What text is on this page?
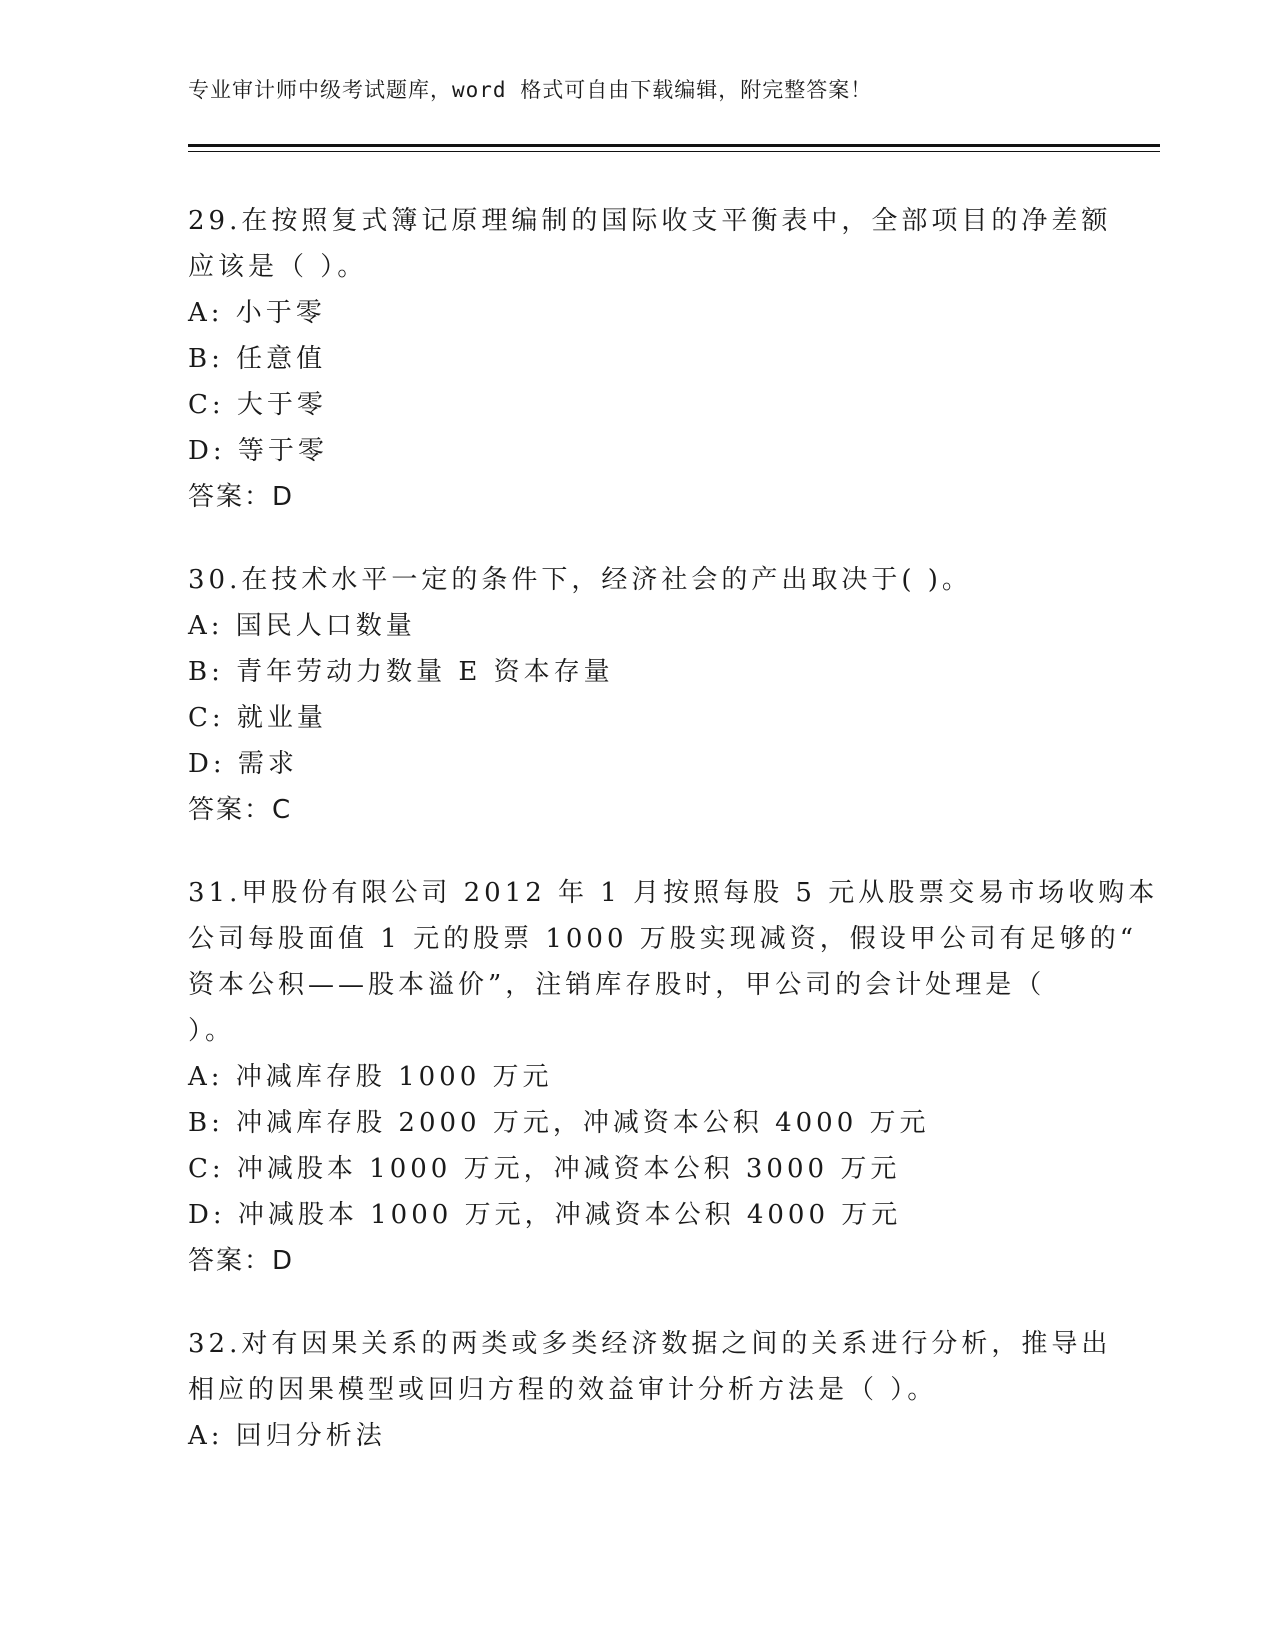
专业审计师中级考试题库，word 格式可自由下载编辑，附完整答案！
29.在按照复式簿记原理编制的国际收支平衡表中，全部项目的净差额
应该是（ ）。
A: 小于零
B: 任意值
C: 大于零
D: 等于零
答案：D
30.在技术水平一定的条件下，经济社会的产出取决于( )。
A: 国民人口数量
B: 青年劳动力数量 E 资本存量
C: 就业量
D: 需求
答案：C
31.甲股份有限公司 2012 年 1 月按照每股 5 元从股票交易市场收购本
公司每股面值 1 元的股票 1000 万股实现减资，假设甲公司有足够的“
资本公积——股本溢价”，注销库存股时，甲公司的会计处理是（
）。
A: 冲减库存股 1000 万元
B: 冲减库存股 2000 万元，冲减资本公积 4000 万元
C: 冲减股本 1000 万元，冲减资本公积 3000 万元
D: 冲减股本 1000 万元，冲减资本公积 4000 万元
答案：D
32.对有因果关系的两类或多类经济数据之间的关系进行分析，推导出
相应的因果模型或回归方程的效益审计分析方法是（ ）。
A: 回归分析法
